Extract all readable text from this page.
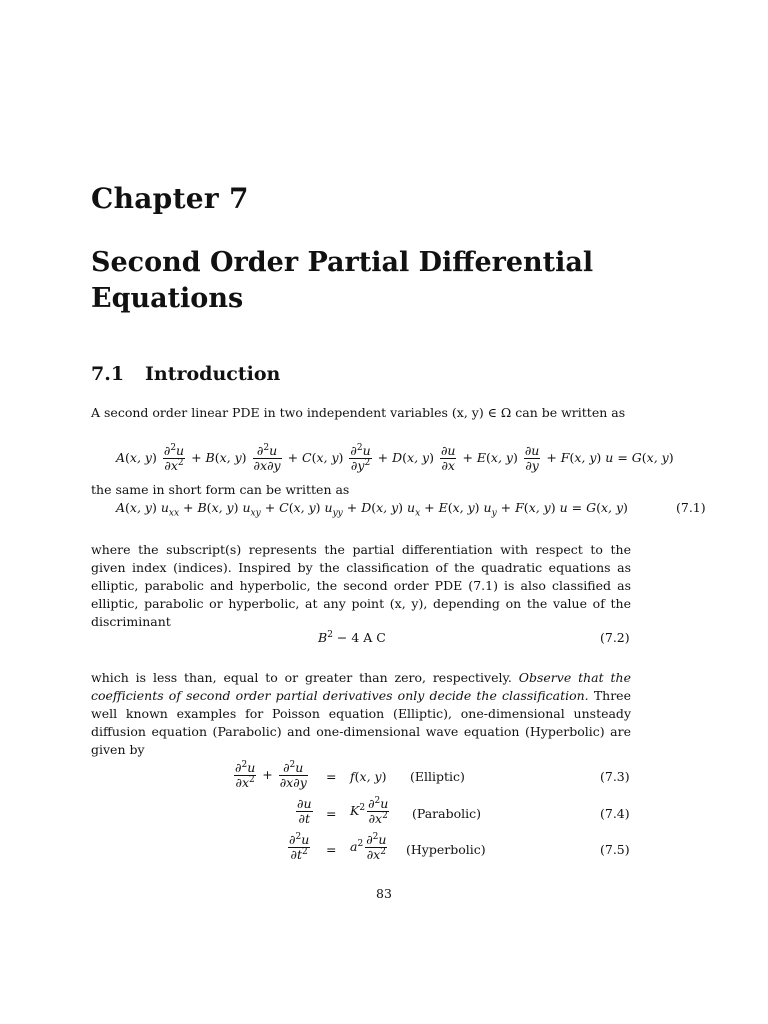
Chapter 7
Second Order Partial Differential Equations
7.1 Introduction
A second order linear PDE in two independent variables (x, y) ∈ Ω can be written as
A(x, $y) \frac{\partial^2u}{\partial x^2} + B(x$, $y) \frac{\partial^2u}{\partial x\partial y} + C(x$, $y) \frac{\partial^2u}{\partial y^2} + D(x$, $y) \frac{\partial u}{\partial x} + E(x$, $y) \frac{\partial u}{\partial y} + F(x$, y) u = G(x, y)
the same in short form can be written as
A(x, y) $u_{xx} + B(x$, y) $u_{xy} + C(x$, y) $u_{yy} + D(x$, y) $u_x + E(x$, y) $u_y + F(x$, y) u = G(x, y)	(7.1)
where the subscript(s) represents the partial differentiation with respect to the given index (indices). Inspired by the classification of the quadratic equations as elliptic, parabolic and hyperbolic, the second order PDE (7.1) is also classified as elliptic, parabolic or hyperbolic, at any point (x, y), depending on the value of the discriminant
$B^2 - 4$ A C	(7.2)
which is less than, equal to or greater than zero, respectively. Observe that the coefficients of second order partial derivatives only decide the classification. Three well known examples for Poisson equation (Elliptic), one-dimensional unsteady diffusion equation (Parabolic) and one-dimensional wave equation (Hyperbolic) are given by
$\frac{\partial^2u}{\partial x^2} + \frac{\partial^2u}{\partial x\partial y} = f(x$, y) (Elliptic)	(7.3)
$\frac{\partial u}{\partial t} = K^2 \frac{\partial^2u}{\partial x^2}$ (Parabolic)	(7.4)
$\frac{\partial^2u}{\partial t^2} = a^2 \frac{\partial^2u}{\partial x^2}$ (Hyperbolic)	(7.5)
83
